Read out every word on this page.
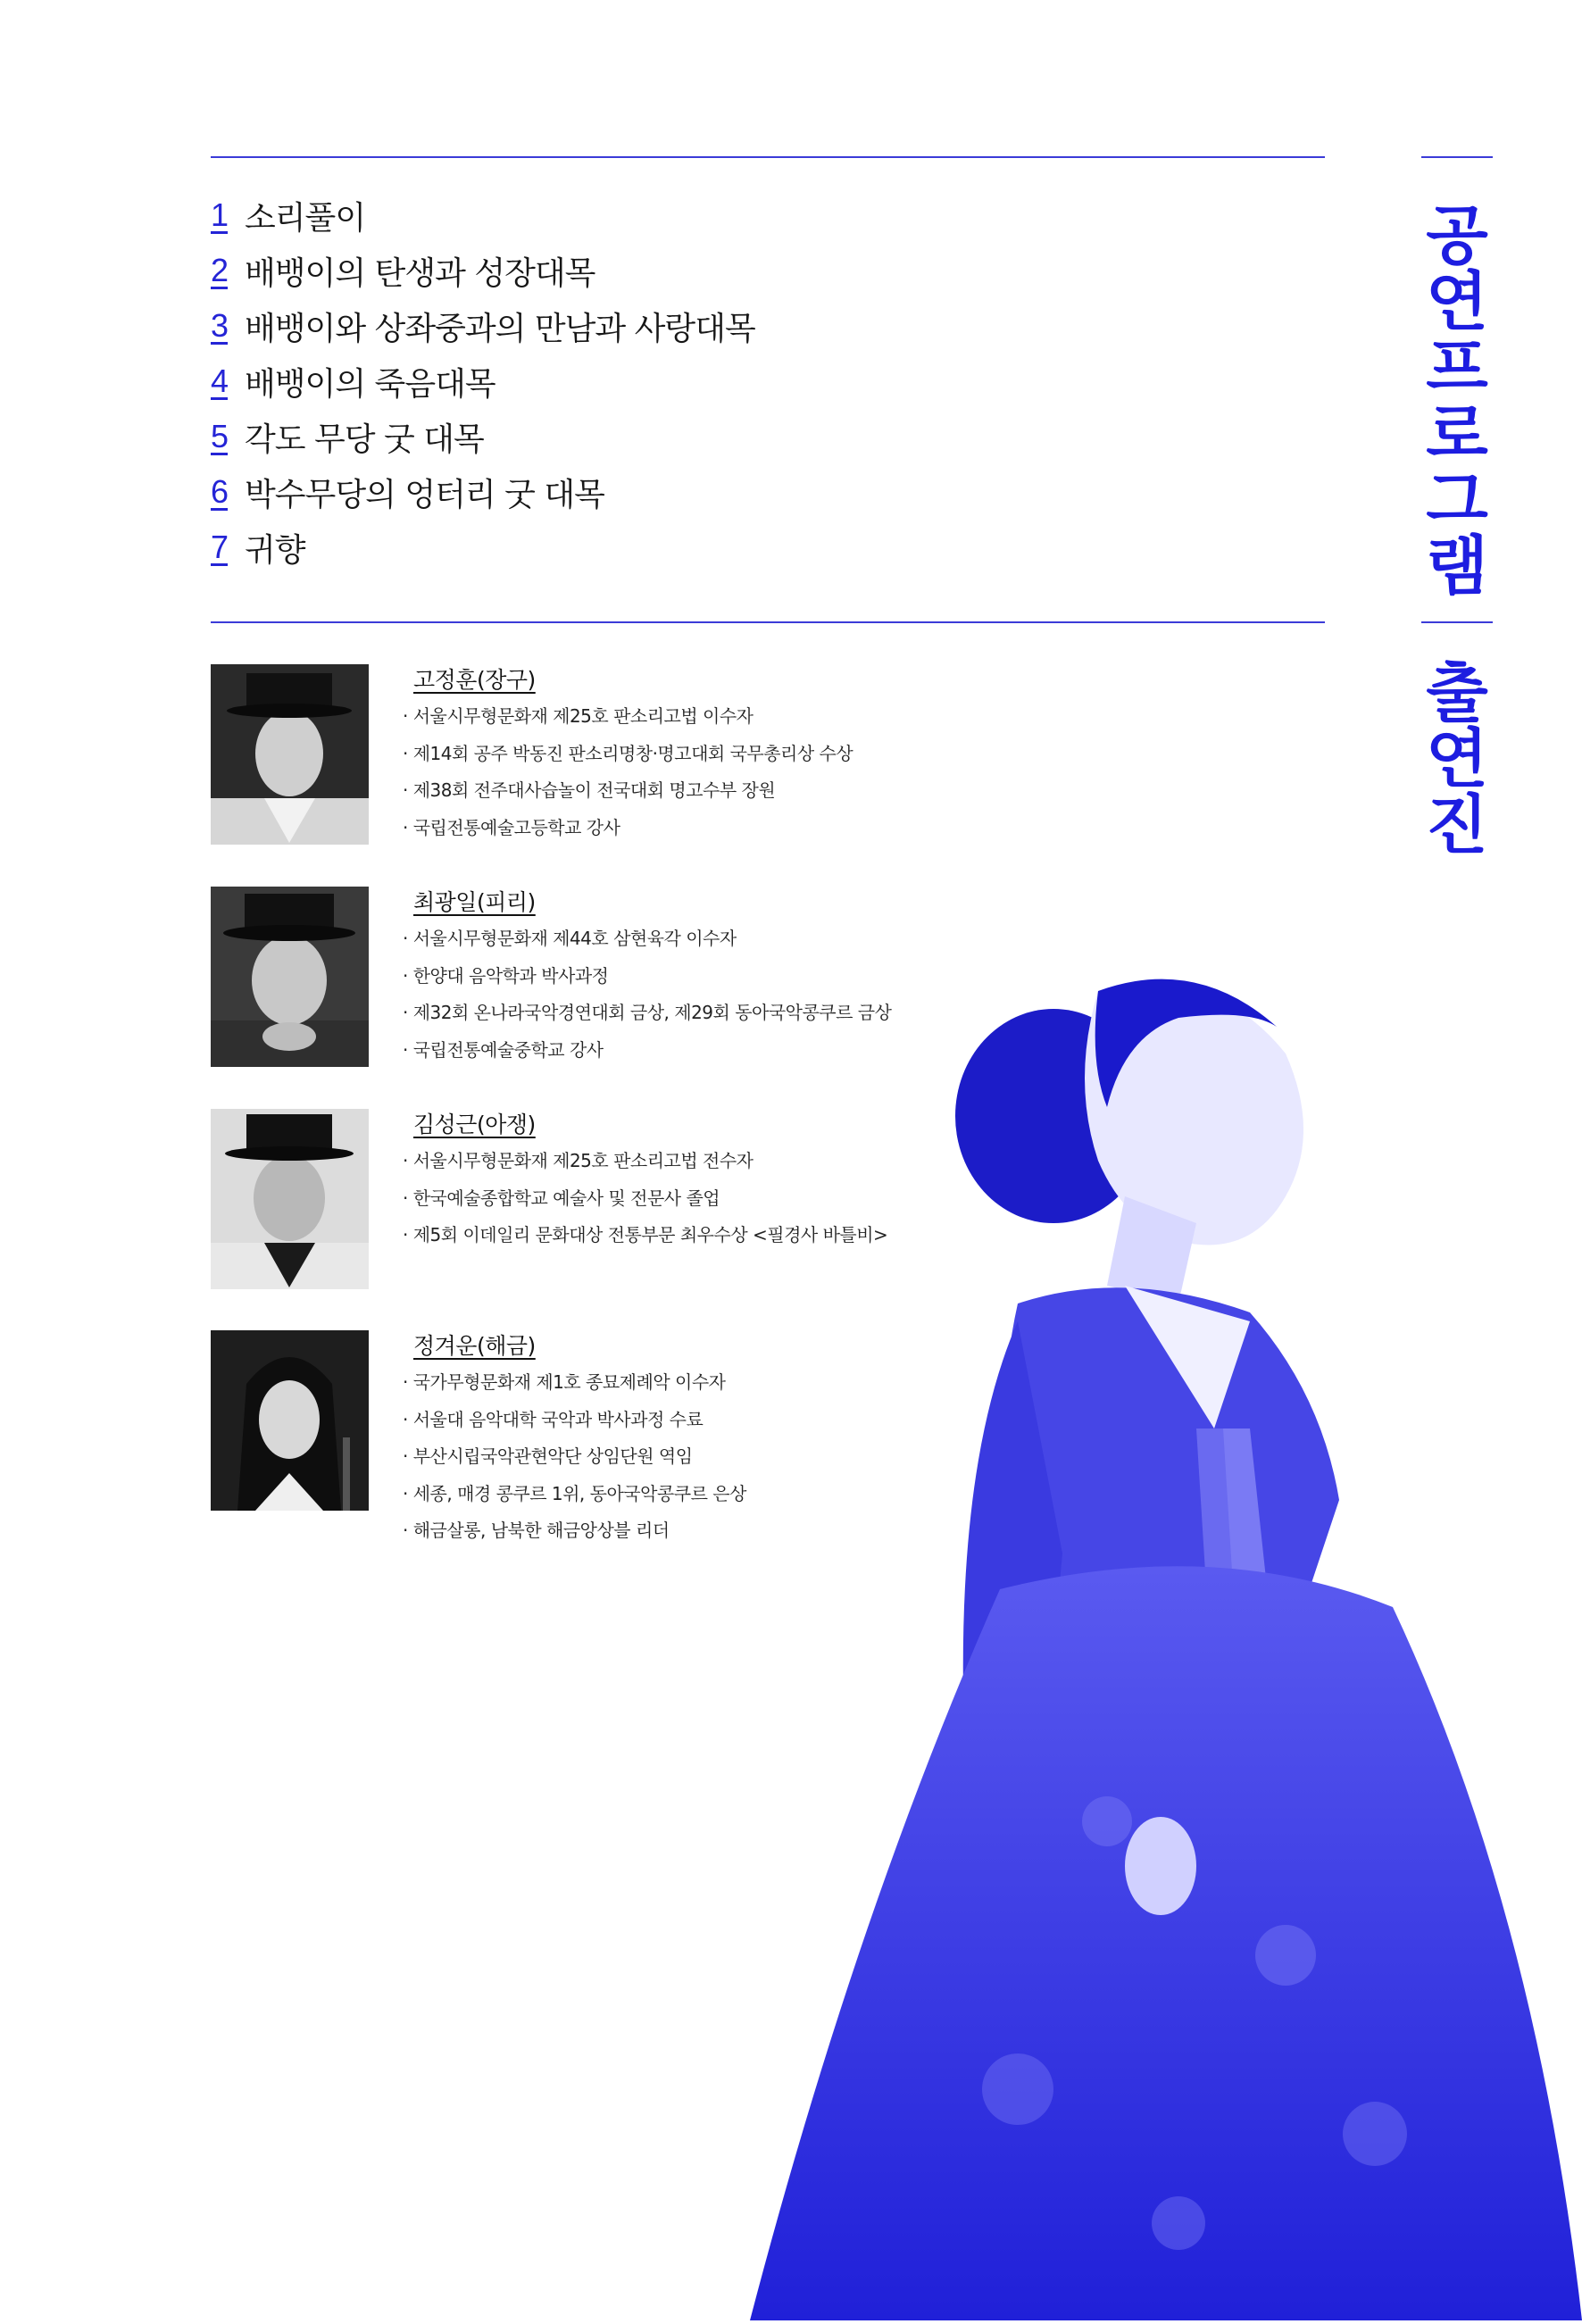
1 소리풀이
2 배뱅이의 탄생과 성장대목
3 배뱅이와 상좌중과의 만남과 사랑대목
4 배뱅이의 죽음대목
5 각도 무당 굿 대목
6 박수무당의 엉터리 굿 대목
7 귀향
공
연
프
로
그
램
출
연
진
고정훈(장구)
· 서울시무형문화재 제25호 판소리고법 이수자
· 제14회 공주 박동진 판소리명창·명고대회 국무총리상 수상
· 제38회 전주대사습놀이 전국대회 명고수부 장원
· 국립전통예술고등학교 강사
최광일(피리)
· 서울시무형문화재 제44호 삼현육각 이수자
· 한양대 음악학과 박사과정
· 제32회 온나라국악경연대회 금상, 제29회 동아국악콩쿠르 금상
· 국립전통예술중학교 강사
김성근(아쟁)
· 서울시무형문화재 제25호 판소리고법 전수자
· 한국예술종합학교 예술사 및 전문사 졸업
· 제5회 이데일리 문화대상 전통부문 최우수상 <필경사 바틀비>
정겨운(해금)
· 국가무형문화재 제1호 종묘제례악 이수자
· 서울대 음악대학 국악과 박사과정 수료
· 부산시립국악관현악단 상임단원 역임
· 세종, 매경 콩쿠르 1위, 동아국악콩쿠르 은상
· 해금살롱, 남북한 해금앙상블 리더
